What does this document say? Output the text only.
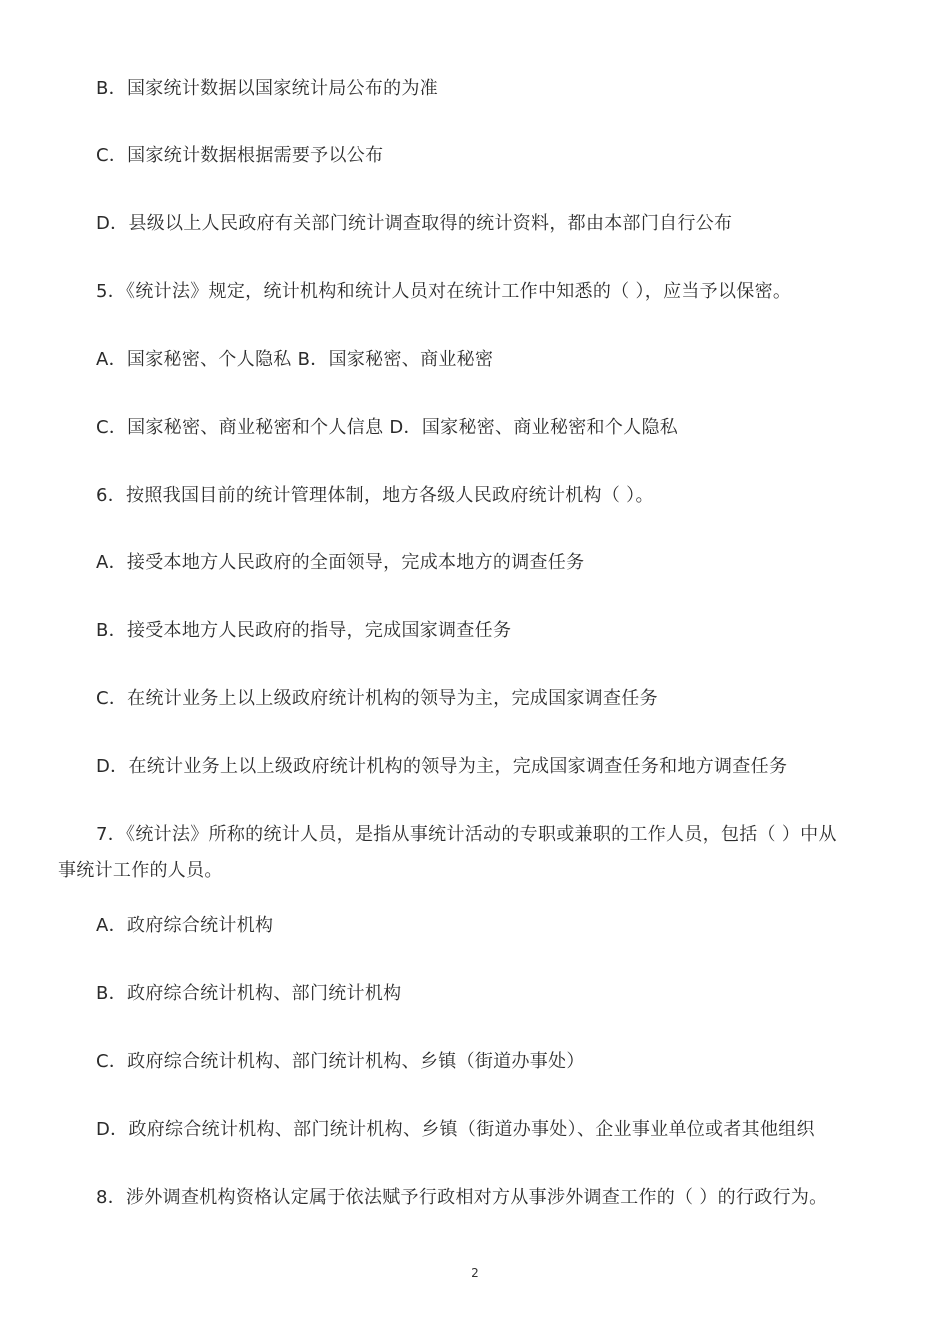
B．国家统计数据以国家统计局公布的为准
C．国家统计数据根据需要予以公布
D．县级以上人民政府有关部门统计调查取得的统计资料，都由本部门自行公布
5．《统计法》规定，统计机构和统计人员对在统计工作中知悉的（ ），应当予以保密。
A．国家秘密、个人隐私 B．国家秘密、商业秘密
C．国家秘密、商业秘密和个人信息 D．国家秘密、商业秘密和个人隐私
6．按照我国目前的统计管理体制，地方各级人民政府统计机构（ ）。
A．接受本地方人民政府的全面领导，完成本地方的调查任务
B．接受本地方人民政府的指导，完成国家调查任务
C．在统计业务上以上级政府统计机构的领导为主，完成国家调查任务
D．在统计业务上以上级政府统计机构的领导为主，完成国家调查任务和地方调查任务
7．《统计法》所称的统计人员，是指从事统计活动的专职或兼职的工作人员，包括（ ）中从
事统计工作的人员。
A．政府综合统计机构
B．政府综合统计机构、部门统计机构
C．政府综合统计机构、部门统计机构、乡镇（街道办事处）
D．政府综合统计机构、部门统计机构、乡镇（街道办事处）、企业事业单位或者其他组织
8．涉外调查机构资格认定属于依法赋予行政相对方从事涉外调查工作的（ ）的行政行为。
2
